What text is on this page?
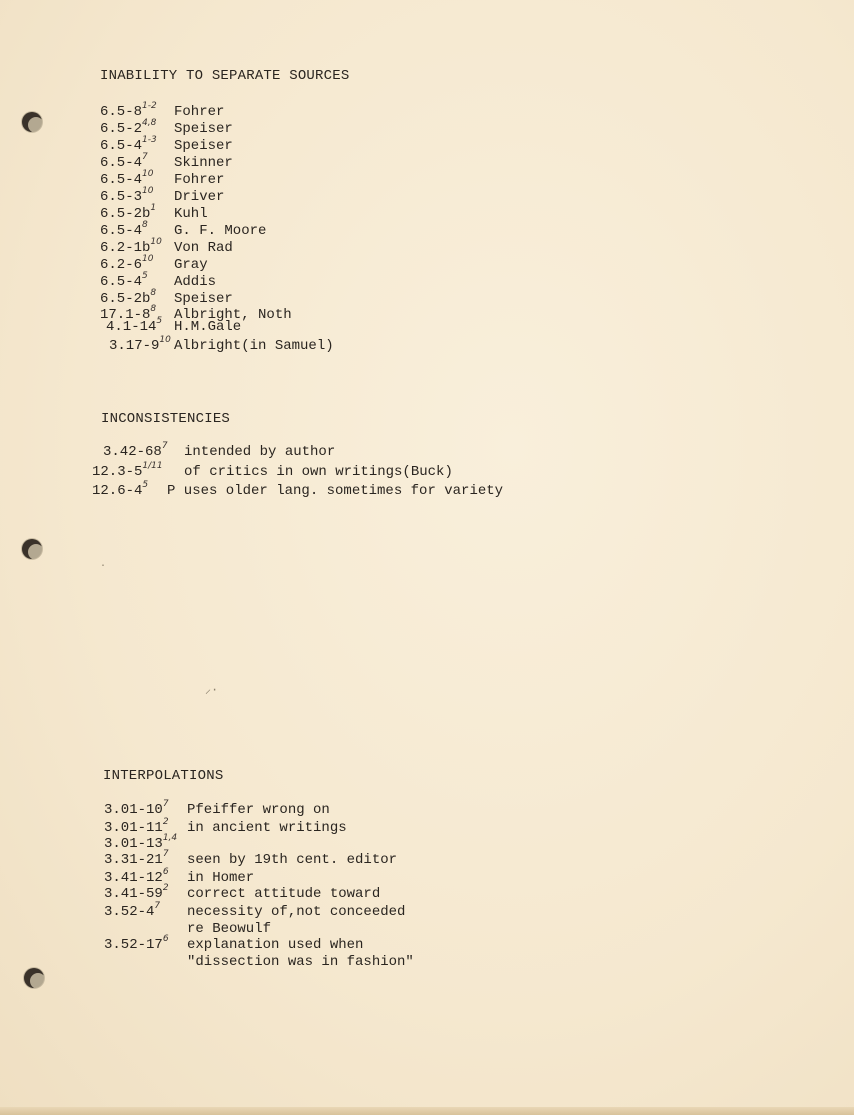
·
⸝·
INABILITY TO SEPARATE SOURCES
6.5-8$^{1-2}$ Fohrer
6.5-2$^{4,8}$ Speiser
6.5-4$^{1-3}$ Speiser
$6.5-4^7$ Skinner
$6.5-4^{10}$ Fohrer
$6.5-3^{10}$ Driver
$6.5-2b^1$ Kuhl
$6.5-4^8$ G. F. Moore
$6.2-1b^{10}$ Von Rad
$6.2-6^{10}$ Gray
$6.5-4^5$ Addis
$6.5-2b^8$ Speiser
$17.1-8^8$ Albright, Noth
$4.1-14^5$ H.M.Gale
$3.17-9^{10}$ Albright(in Samuel)
INCONSISTENCIES
$3.42-68^7$ intended by author
$12.3-5^{1/11}$ of critics in own writings(Buck)
$12.6-4^5$ P uses older lang. sometimes for variety
INTERPOLATIONS
$3.01-10^7$ Pfeiffer wrong on
$3.01-11^2$ in ancient writings
3.01-13$^{1,4}$
$3.31-21^7$ seen by 19th cent. editor
$3.41-12^6$ in Homer
$3.41-59^2$ correct attitude toward
$3.52-4^7$ necessity of,not conceeded
re Beowulf
$3.52-17^6$ explanation used when
"dissection was in fashion"
